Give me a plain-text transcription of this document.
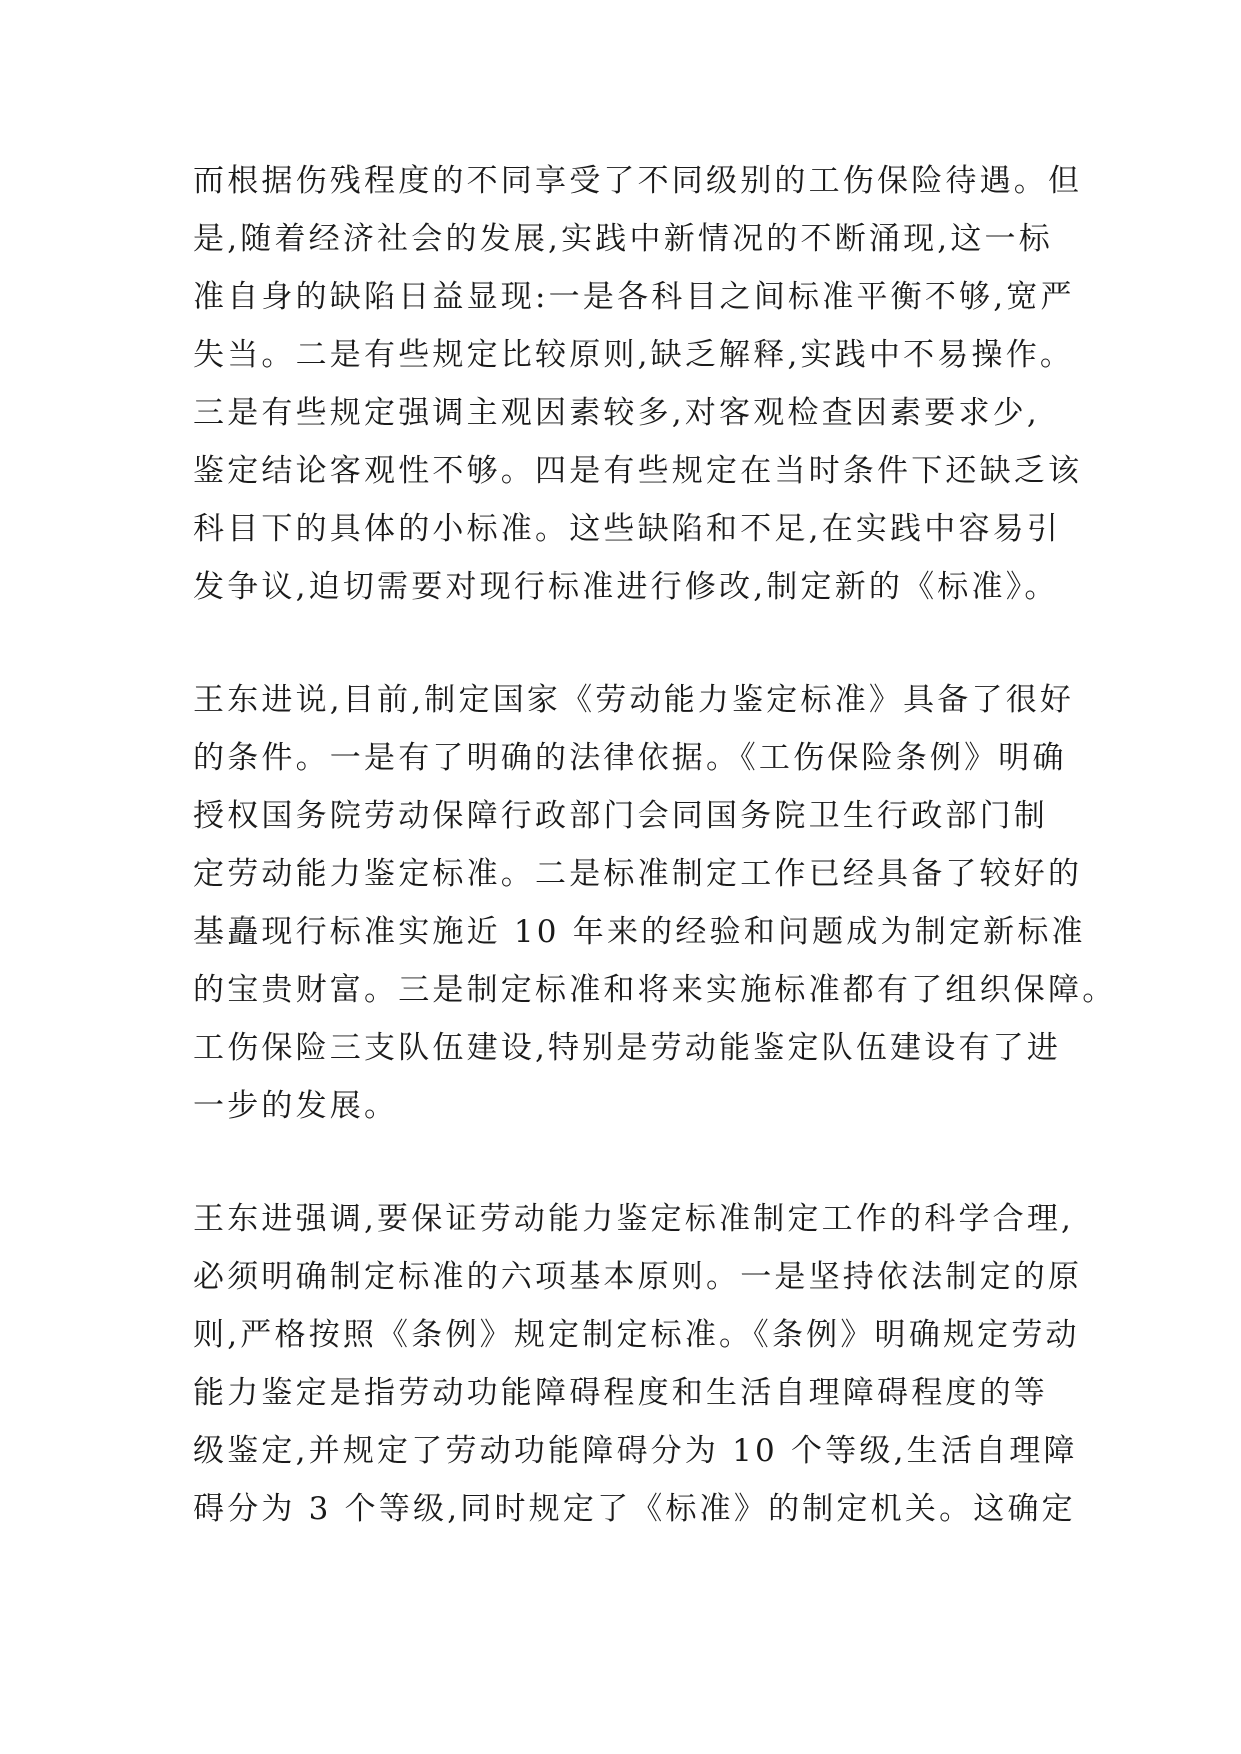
而根据伤残程度的不同享受了不同级别的工伤保险待遇。但
是,随着经济社会的发展,实践中新情况的不断涌现,这一标
准自身的缺陷日益显现:一是各科目之间标准平衡不够,宽严
失当。二是有些规定比较原则,缺乏解释,实践中不易操作。
三是有些规定强调主观因素较多,对客观检查因素要求少,
鉴定结论客观性不够。四是有些规定在当时条件下还缺乏该
科目下的具体的小标准。这些缺陷和不足,在实践中容易引
发争议,迫切需要对现行标准进行修改,制定新的《标准》。
王东进说,目前,制定国家《劳动能力鉴定标准》具备了很好
的条件。一是有了明确的法律依据。《工伤保险条例》明确
授权国务院劳动保障行政部门会同国务院卫生行政部门制
定劳动能力鉴定标准。二是标准制定工作已经具备了较好的
基矗现行标准实施近 10 年来的经验和问题成为制定新标准
的宝贵财富。三是制定标准和将来实施标准都有了组织保障。
工伤保险三支队伍建设,特别是劳动能鉴定队伍建设有了进
一步的发展。
王东进强调,要保证劳动能力鉴定标准制定工作的科学合理,
必须明确制定标准的六项基本原则。一是坚持依法制定的原
则,严格按照《条例》规定制定标准。《条例》明确规定劳动
能力鉴定是指劳动功能障碍程度和生活自理障碍程度的等
级鉴定,并规定了劳动功能障碍分为 10 个等级,生活自理障
碍分为 3 个等级,同时规定了《标准》的制定机关。这确定
